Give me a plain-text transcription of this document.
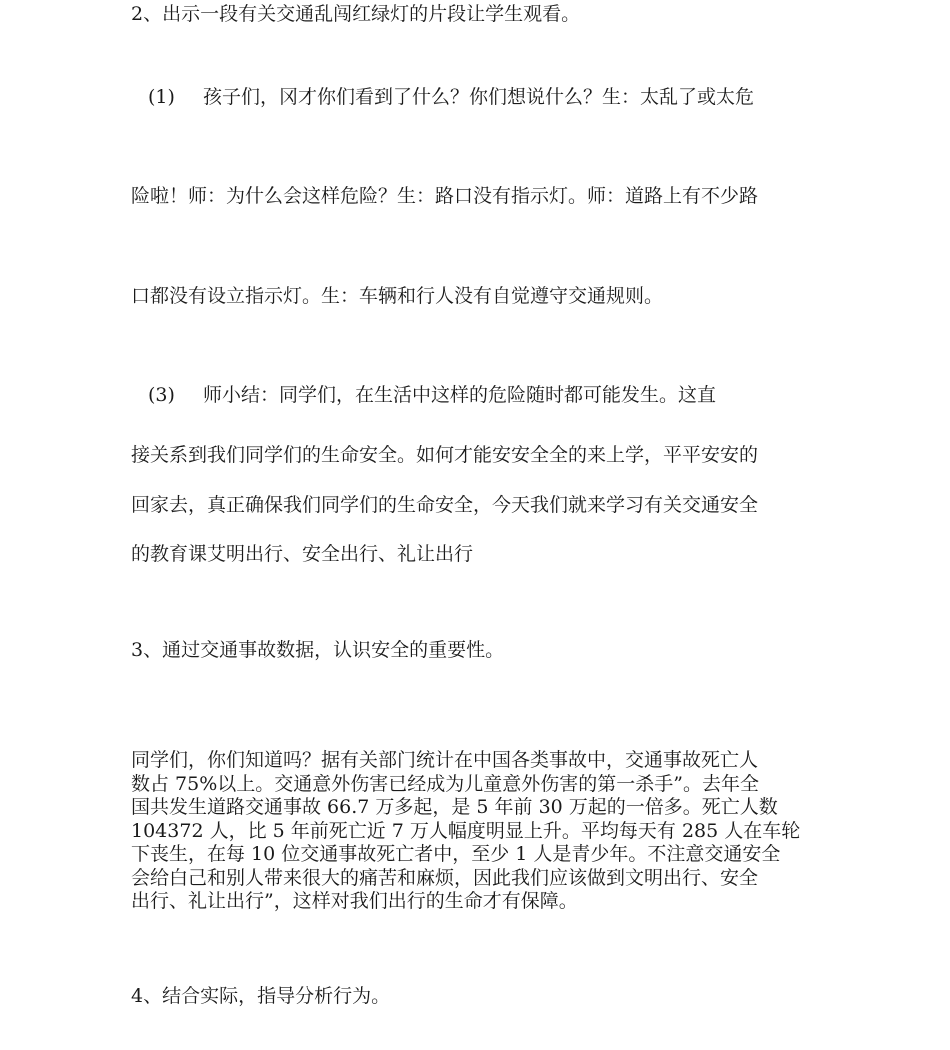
2、出示一段有关交通乱闯红绿灯的片段让学生观看。

(1) 孩子们，冈才你们看到了什么？你们想说什么？生：太乱了或太危

险啦！师：为什么会这样危险？生：路口没有指示灯。师：道路上有不少路

口都没有设立指示灯。生：车辆和行人没有自觉遵守交通规则。

(3) 师小结：同学们，在生活中这样的危险随时都可能发生。这直

接关系到我们同学们的生命安全。如何才能安安全全的来上学，平平安安的

回家去，真正确保我们同学们的生命安全，今天我们就来学习有关交通安全

的教育课艾明出行、安全出行、礼让出行

3、通过交通事故数据，认识安全的重要性。

同学们，你们知道吗？据有关部门统计在中国各类事故中，交通事故死亡人
数占 75%以上。交通意外伤害已经成为儿童意外伤害的第一杀手”。去年全
国共发生道路交通事故 66.7 万多起，是 5 年前 30 万起的一倍多。死亡人数
104372 人，比 5 年前死亡近 7 万人幅度明显上升。平均每天有 285 人在车轮
下丧生，在每 10 位交通事故死亡者中，至少 1 人是青少年。不注意交通安全
会给白己和别人带来很大的痛苦和麻烦，因此我们应该做到文明出行、安全
出行、礼让出行”，这样对我们出行的生命才有保障。

4、结合实际，指导分析行为。
